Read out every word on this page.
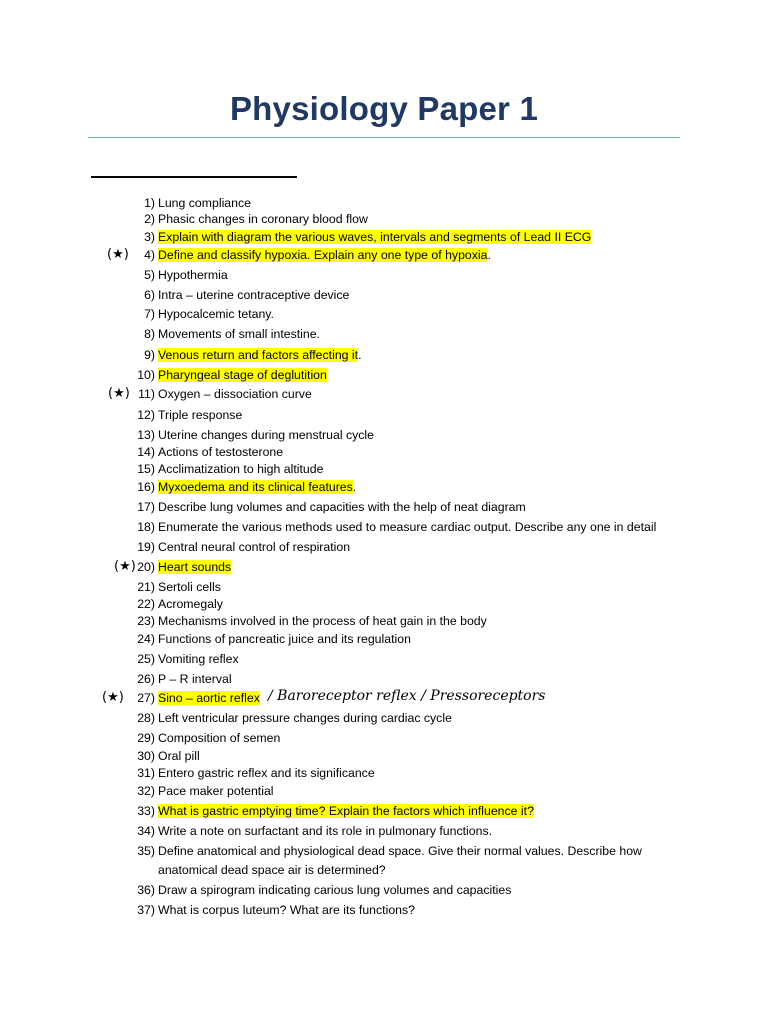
Physiology Paper 1
1) Lung compliance
2) Phasic changes in coronary blood flow
3) Explain with diagram the various waves, intervals and segments of Lead II ECG
4) Define and classify hypoxia. Explain any one type of hypoxia.
5) Hypothermia
6) Intra – uterine contraceptive device
7) Hypocalcemic tetany.
8) Movements of small intestine.
9) Venous return and factors affecting it.
10) Pharyngeal stage of deglutition
11) Oxygen – dissociation curve
12) Triple response
13) Uterine changes during menstrual cycle
14) Actions of testosterone
15) Acclimatization to high altitude
16) Myxoedema and its clinical features.
17) Describe lung volumes and capacities with the help of neat diagram
18) Enumerate the various methods used to measure cardiac output. Describe any one in detail
19) Central neural control of respiration
20) Heart sounds
21) Sertoli cells
22) Acromegaly
23) Mechanisms involved in the process of heat gain in the body
24) Functions of pancreatic juice and its regulation
25) Vomiting reflex
26) P – R interval
27) Sino – aortic reflex
28) Left ventricular pressure changes during cardiac cycle
29) Composition of semen
30) Oral pill
31) Entero gastric reflex and its significance
32) Pace maker potential
33) What is gastric emptying time? Explain the factors which influence it?
34) Write a note on surfactant and its role in pulmonary functions.
35) Define anatomical and physiological dead space. Give their normal values. Describe how
anatomical dead space air is determined?
36) Draw a spirogram indicating carious lung volumes and capacities
37) What is corpus luteum? What are its functions?
/ Baroreceptor reflex / Pressoreceptors
(★)
(★)
(★)
(★)
